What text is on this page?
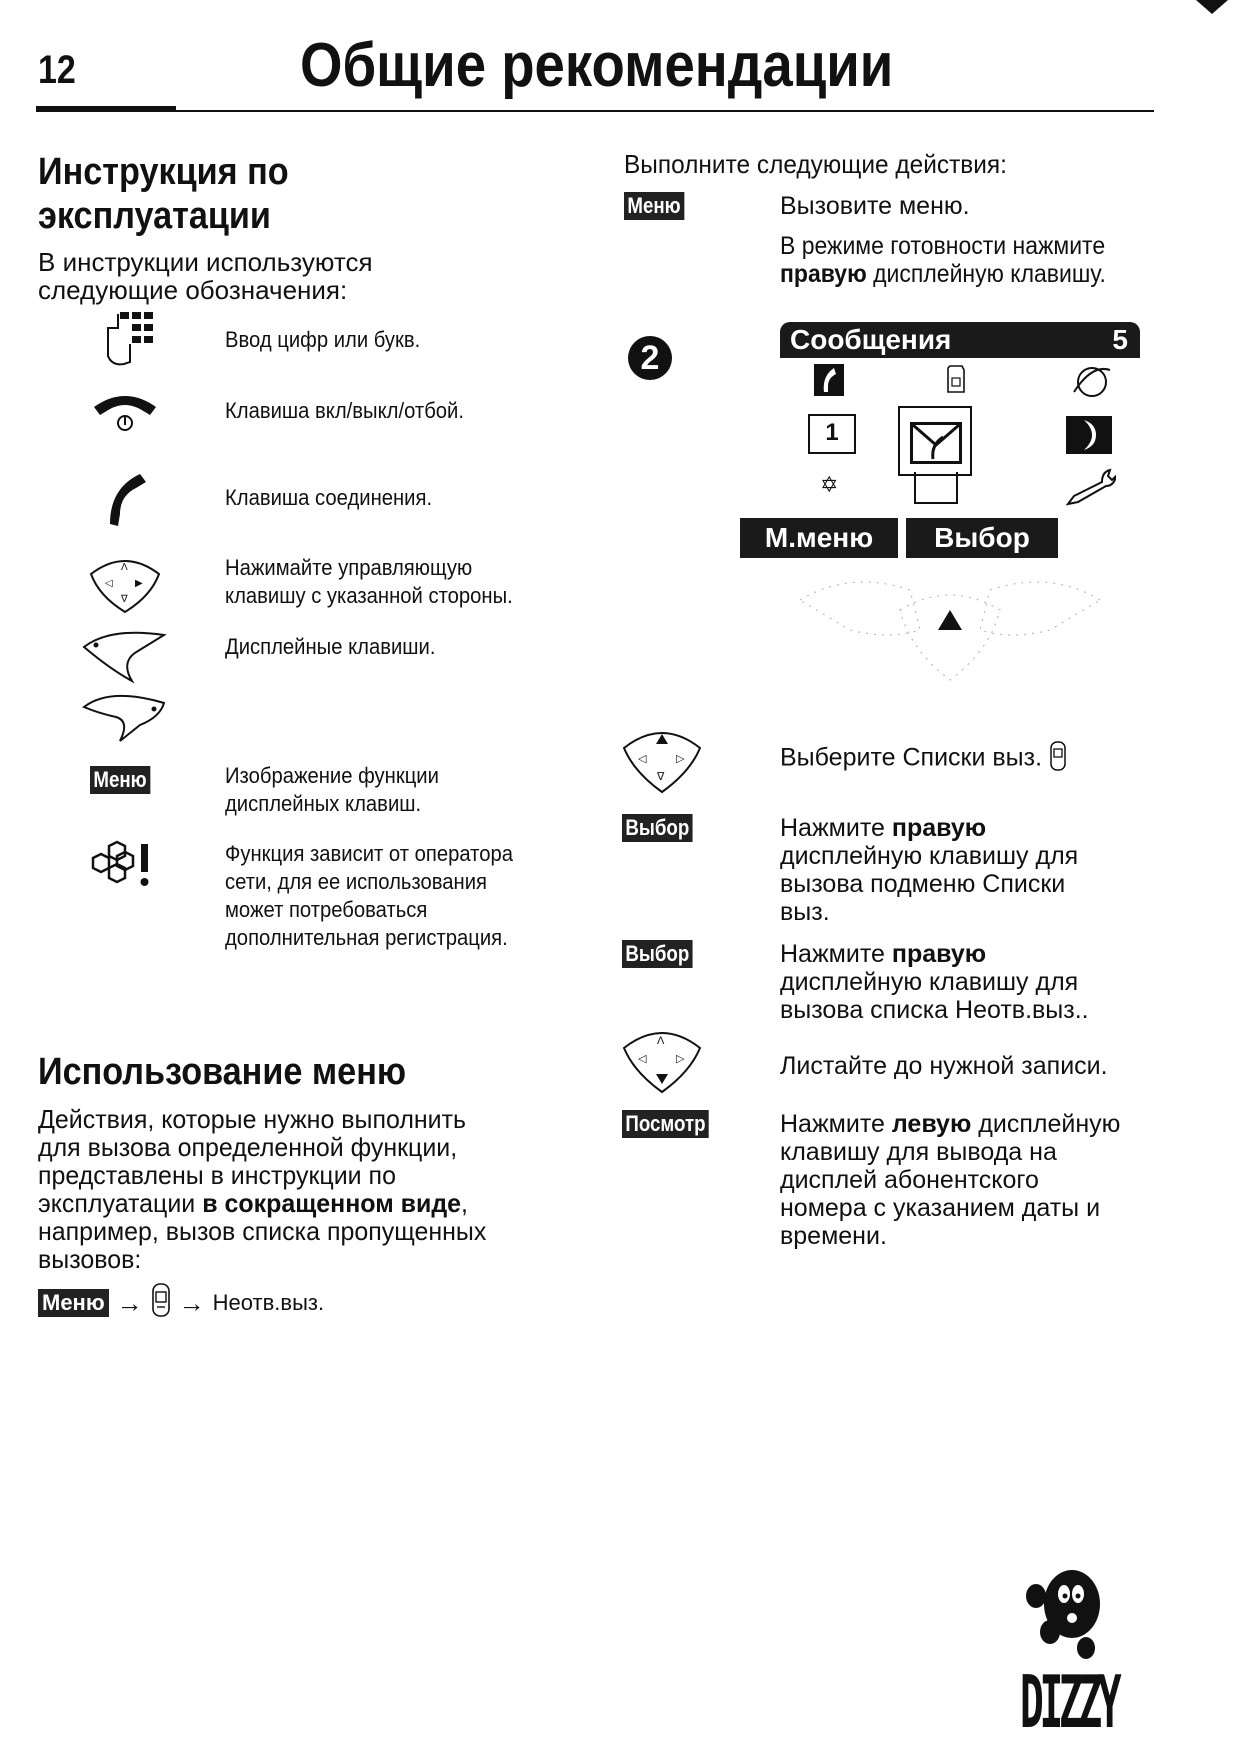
12	Общие рекомендации
Инструкция по
эксплуатации
В инструкции используются
следующие обозначения:
Ввод цифр или букв.
Клавиша вкл/выкл/отбой.
Клавиша соединения.
Λ
◁ ▶
∇
Нажимайте управляющую
клавишу с указанной стороны.
Дисплейные клавиши.
Меню	Изображение функции
дисплейных клавиш.
Функция зависит от оператора
сети, для ее использования
может потребоваться
дополнительная регистрация.
Использование меню
Действия, которые нужно выполнить
для вызова определенной функции,
представлены в инструкции по
эксплуатации в сокращенном виде,
например, вызов списка пропущенных
вызовов:
Меню → → Неотв.выз.
Выполните следующие действия:
Меню	Вызовите меню.
В режиме готовности нажмите
правую дисплейную клавишу.
2	Сообщения	5
1
✡
М.меню	Выбор
◁	▷
∇
Выберите Списки выз.
Выбор	Нажмите правую
дисплейную клавишу для
вызова подменю Списки
выз.
Выбор	Нажмите правую
дисплейную клавишу для
вызова списка Неотв.выз..
Λ
◁	▷	Листайте до нужной записи.
Посмотр	Нажмите левую дисплейную
клавишу для вывода на
дисплей абонентского
номера с указанием даты и
времени.
DIZZY
